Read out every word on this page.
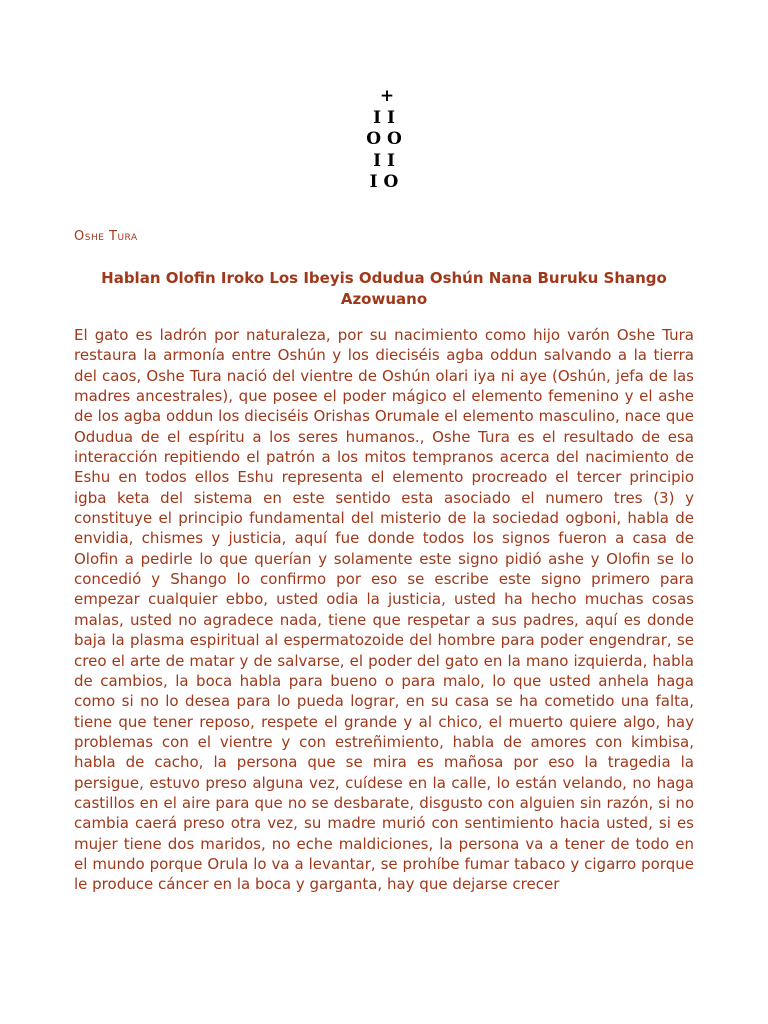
+
I I
O O
I I
I O
Oshe Tura
Hablan Olofin Iroko Los Ibeyis Odudua Oshún Nana Buruku Shango Azowuano

El gato es ladrón por naturaleza, por su nacimiento como hijo varón Oshe Tura restaura la armonía entre Oshún y los dieciséis agba oddun salvando a la tierra del caos, Oshe Tura nació del vientre de Oshún olari iya ni aye (Oshún, jefa de las madres ancestrales), que posee el poder mágico el elemento femenino y el ashe de los agba oddun los dieciséis Orishas Orumale el elemento masculino, nace que Odudua de el espíritu a los seres humanos., Oshe Tura es el resultado de esa interacción repitiendo el patrón a los mitos tempranos acerca del nacimiento de Eshu en todos ellos Eshu representa el elemento procreado el tercer principio igba keta del sistema en este sentido esta asociado el numero tres (3) y constituye el principio fundamental del misterio de la sociedad ogboni, habla de envidia, chismes y justicia, aquí fue donde todos los signos fueron a casa de Olofin a pedirle lo que querían y solamente este signo pidió ashe y Olofin se lo concedió y Shango lo confirmo por eso se escribe este signo primero para empezar cualquier ebbo, usted odia la justicia, usted ha hecho muchas cosas malas, usted no agradece nada, tiene que respetar a sus padres, aquí es donde baja la plasma espiritual al espermatozoide del hombre para poder engendrar, se creo el arte de matar y de salvarse, el poder del gato en la mano izquierda, habla de cambios, la boca habla para bueno o para malo, lo que usted anhela haga como si no lo desea para lo pueda lograr, en su casa se ha cometido una falta, tiene que tener reposo, respete el grande y al chico, el muerto quiere algo, hay problemas con el vientre y con estreñimiento, habla de amores con kimbisa, habla de cacho, la persona que se mira es mañosa por eso la tragedia la persigue, estuvo preso alguna vez, cuídese en la calle, lo están velando, no haga castillos en el aire para que no se desbarate, disgusto con alguien sin razón, si no cambia caerá preso otra vez, su madre murió con sentimiento hacia usted, si es mujer tiene dos maridos, no eche maldiciones, la persona va a tener de todo en el mundo porque Orula lo va a levantar, se prohíbe fumar tabaco y cigarro porque le produce cáncer en la boca y garganta, hay que dejarse crecer
